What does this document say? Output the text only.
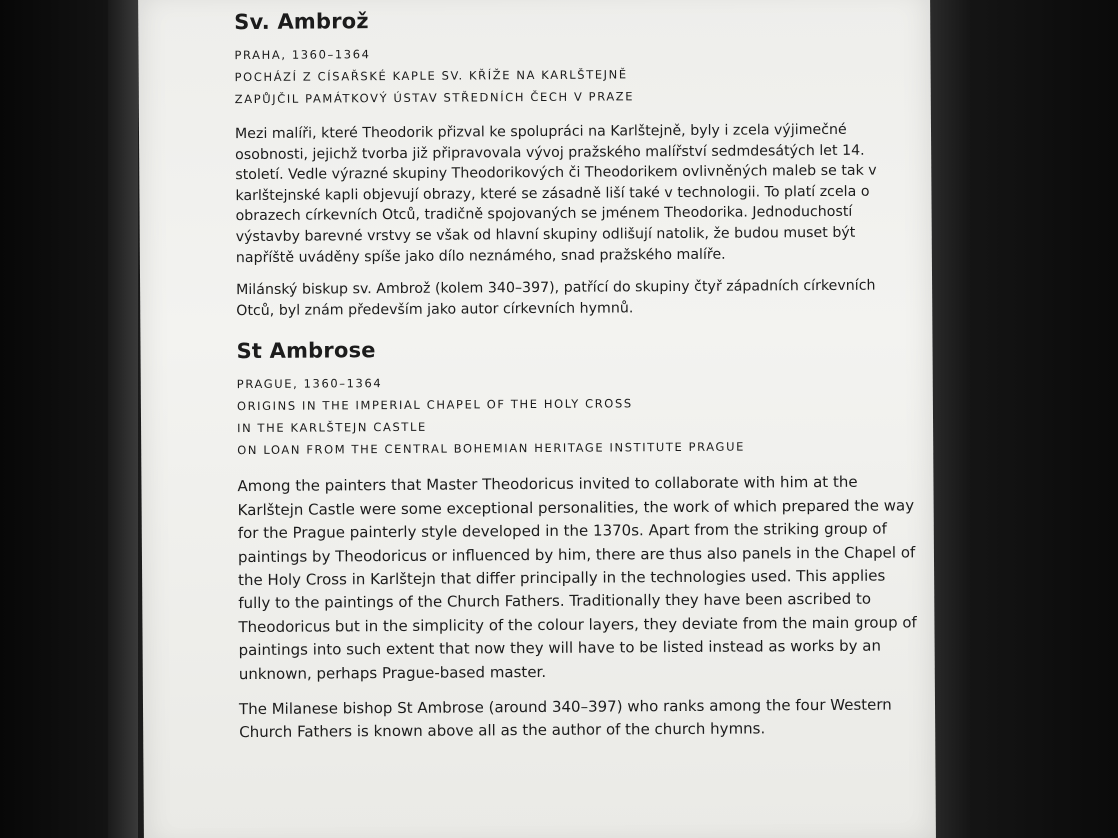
Sv. Ambrož

PRAHA, 1360–1364

POCHÁZÍ Z CÍSAŘSKÉ KAPLE SV. KŘÍŽE NA KARLŠTEJNĚ

ZAPŮJČIL PAMÁTKOVÝ ÚSTAV STŘEDNÍCH ČECH V PRAZE

Mezi malíři, které Theodorik přizval ke spolupráci na Karlštejně, byly i zcela výjimečné osobnosti, jejichž tvorba již připravovala vývoj pražského malířství sedmdesátých let 14. století. Vedle výrazné skupiny Theodorikových či Theodorikem ovlivněných maleb se tak v karlštejnské kapli objevují obrazy, které se zásadně liší také v technologii. To platí zcela o obrazech církevních Otců, tradičně spojovaných se jménem Theodorika. Jednoduchostí výstavby barevné vrstvy se však od hlavní skupiny odlišují natolik, že budou muset být napříště uváděny spíše jako dílo neznámého, snad pražského malíře.

Milánský biskup sv. Ambrož (kolem 340–397), patřící do skupiny čtyř západních církevních Otců, byl znám především jako autor církevních hymnů.

St Ambrose

PRAGUE, 1360–1364

ORIGINS IN THE IMPERIAL CHAPEL OF THE HOLY CROSS

IN THE KARLŠTEJN CASTLE

ON LOAN FROM THE CENTRAL BOHEMIAN HERITAGE INSTITUTE PRAGUE

Among the painters that Master Theodoricus invited to collaborate with him at the Karlštejn Castle were some exceptional personalities, the work of which prepared the way for the Prague painterly style developed in the 1370s. Apart from the striking group of paintings by Theodoricus or influenced by him, there are thus also panels in the Chapel of the Holy Cross in Karlštejn that differ principally in the technologies used. This applies fully to the paintings of the Church Fathers. Traditionally they have been ascribed to Theodoricus but in the simplicity of the colour layers, they deviate from the main group of paintings into such extent that now they will have to be listed instead as works by an unknown, perhaps Prague-based master.

The Milanese bishop St Ambrose (around 340–397) who ranks among the four Western Church Fathers is known above all as the author of the church hymns.
